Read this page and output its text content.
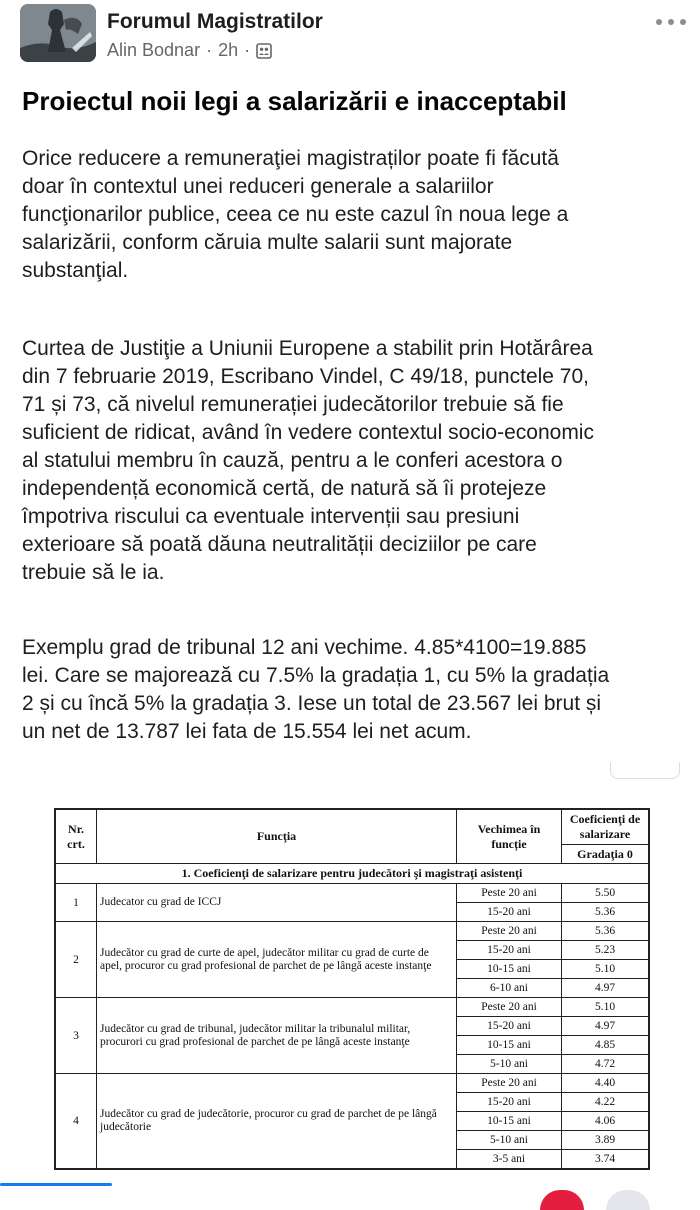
Forumul Magistratilor
Alin Bodnar · 2h ·
Proiectul noii legi a salarizării e inacceptabil

Orice reducere a remuneraţiei magistraților poate fi făcută
doar în contextul unei reduceri generale a salariilor
funcţionarilor publice, ceea ce nu este cazul în noua lege a
salarizării, conform căruia multe salarii sunt majorate
substanţial.

Curtea de Justiţie a Uniunii Europene a stabilit prin Hotărârea
din 7 februarie 2019, Escribano Vindel, C 49/18, punctele 70,
71 și 73, că nivelul remunerației judecătorilor trebuie să fie
suficient de ridicat, având în vedere contextul socio-economic
al statului membru în cauză, pentru a le conferi acestora o
independență economică certă, de natură să îi protejeze
împotriva riscului ca eventuale intervenții sau presiuni
exterioare să poată dăuna neutralității deciziilor pe care
trebuie să le ia.

Exemplu grad de tribunal 12 ani vechime. 4.85*4100=19.885
lei. Care se majorează cu 7.5% la gradația 1, cu 5% la gradația
2 și cu încă 5% la gradația 3. Iese un total de 23.567 lei brut și
un net de 13.787 lei fata de 15.554 lei net acum.

Nr. crt.	Funcţia	Vechimea în funcție	Coeficienţi de salarizare
			Gradaţia 0
1. Coeficienţi de salarizare pentru judecători şi magistraţi asistenţi			
1	Judecator cu grad de ICCJ	Peste 20 ani	5.50
		15-20 ani	5.36
2	Judecător cu grad de curte de apel, judecător militar cu grad de curte de apel, procuror cu grad profesional de parchet de pe lângă aceste instanţe	Peste 20 ani	5.36
		15-20 ani	5.23
		10-15 ani	5.10
		6-10 ani	4.97
3	Judecător cu grad de tribunal, judecător militar la tribunalul militar, procurori cu grad profesional de parchet de pe lângă aceste instanţe	Peste 20 ani	5.10
		15-20 ani	4.97
		10-15 ani	4.85
		5-10 ani	4.72
4	Judecător cu grad de judecătorie, procuror cu grad de parchet de pe lângă judecătorie	Peste 20 ani	4.40
		15-20 ani	4.22
		10-15 ani	4.06
		5-10 ani	3.89
		3-5 ani	3.74
